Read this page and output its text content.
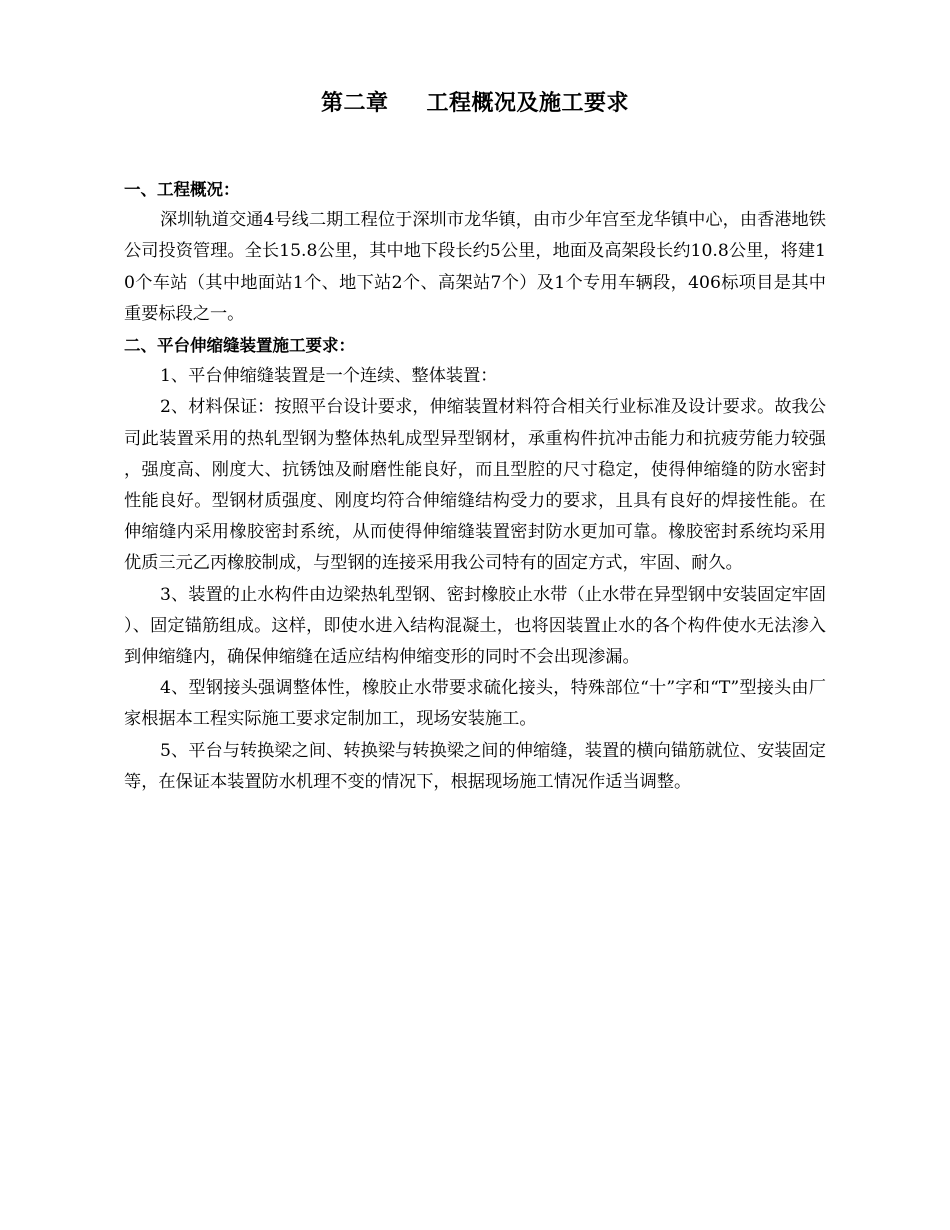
第二章 工程概况及施工要求

一、工程概况：

深圳轨道交通4号线二期工程位于深圳市龙华镇，由市少年宫至龙华镇中心，由香港地铁公司投资管理。全长15.8公里，其中地下段长约5公里，地面及高架段长约10.8公里，将建10个车站（其中地面站1个、地下站2个、高架站7个）及1个专用车辆段，406标项目是其中重要标段之一。

二、平台伸缩缝装置施工要求：

1、平台伸缩缝装置是一个连续、整体装置：

2、材料保证：按照平台设计要求，伸缩装置材料符合相关行业标准及设计要求。故我公司此装置采用的热轧型钢为整体热轧成型异型钢材，承重构件抗冲击能力和抗疲劳能力较强，强度高、刚度大、抗锈蚀及耐磨性能良好，而且型腔的尺寸稳定，使得伸缩缝的防水密封性能良好。型钢材质强度、刚度均符合伸缩缝结构受力的要求，且具有良好的焊接性能。在伸缩缝内采用橡胶密封系统，从而使得伸缩缝装置密封防水更加可靠。橡胶密封系统均采用优质三元乙丙橡胶制成，与型钢的连接采用我公司特有的固定方式，牢固、耐久。

3、装置的止水构件由边梁热轧型钢、密封橡胶止水带（止水带在异型钢中安装固定牢固）、固定锚筋组成。这样，即使水进入结构混凝土，也将因装置止水的各个构件使水无法渗入到伸缩缝内，确保伸缩缝在适应结构伸缩变形的同时不会出现渗漏。

4、型钢接头强调整体性，橡胶止水带要求硫化接头，特殊部位“十”字和“T”型接头由厂家根据本工程实际施工要求定制加工，现场安装施工。

5、平台与转换梁之间、转换梁与转换梁之间的伸缩缝，装置的横向锚筋就位、安装固定等，在保证本装置防水机理不变的情况下，根据现场施工情况作适当调整。
